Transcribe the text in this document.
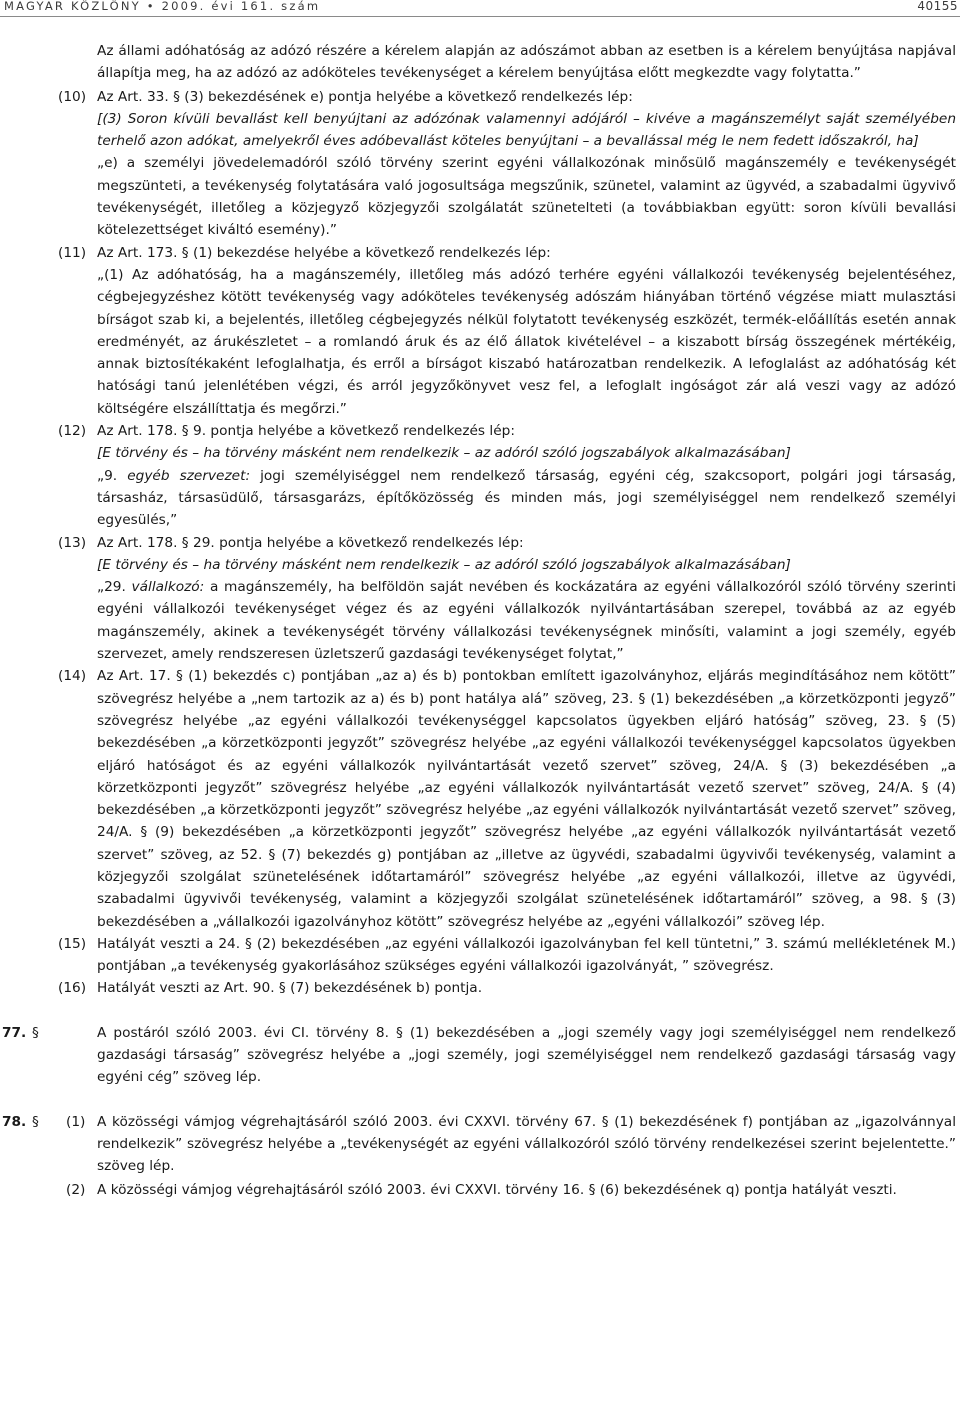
MAGYAR KÖZLÖNY • 2009. évi 161. szám	40155

Az állami adóhatóság az adózó részére a kérelem alapján az adószámot abban az esetben is a kérelem benyújtása napjával állapítja meg, ha az adózó az adóköteles tevékenységet a kérelem benyújtása előtt megkezdte vagy folytatta.”

(10) Az Art. 33. § (3) bekezdésének e) pontja helyébe a következő rendelkezés lép:

[(3) Soron kívüli bevallást kell benyújtani az adózónak valamennyi adójáról – kivéve a magánszemélyt saját személyében terhelő azon adókat, amelyekről éves adóbevallást köteles benyújtani – a bevallással még le nem fedett időszakról, ha]

„e) a személyi jövedelemadóról szóló törvény szerint egyéni vállalkozónak minősülő magánszemély e tevékenységét megszünteti, a tevékenység folytatására való jogosultsága megszűnik, szünetel, valamint az ügyvéd, a szabadalmi ügyvivő tevékenységét, illetőleg a közjegyző közjegyzői szolgálatát szünetelteti (a továbbiakban együtt: soron kívüli bevallási kötelezettséget kiváltó esemény).”

(11) Az Art. 173. § (1) bekezdése helyébe a következő rendelkezés lép:

„(1) Az adóhatóság, ha a magánszemély, illetőleg más adózó terhére egyéni vállalkozói tevékenység bejelentéséhez, cégbejegyzéshez kötött tevékenység vagy adóköteles tevékenység adószám hiányában történő végzése miatt mulasztási bírságot szab ki, a bejelentés, illetőleg cégbejegyzés nélkül folytatott tevékenység eszközét, termék-előállítás esetén annak eredményét, az árukészletet – a romlandó áruk és az élő állatok kivételével – a kiszabott bírság összegének mértékéig, annak biztosítékaként lefoglalhatja, és erről a bírságot kiszabó határozatban rendelkezik. A lefoglalást az adóhatóság két hatósági tanú jelenlétében végzi, és arról jegyzőkönyvet vesz fel, a lefoglalt ingóságot zár alá veszi vagy az adózó költségére elszállíttatja és megőrzi.”

(12) Az Art. 178. § 9. pontja helyébe a következő rendelkezés lép:

[E törvény és – ha törvény másként nem rendelkezik – az adóról szóló jogszabályok alkalmazásában]

„9. egyéb szervezet: jogi személyiséggel nem rendelkező társaság, egyéni cég, szakcsoport, polgári jogi társaság, társasház, társasüdülő, társasgarázs, építőközösség és minden más, jogi személyiséggel nem rendelkező személyi egyesülés,”

(13) Az Art. 178. § 29. pontja helyébe a következő rendelkezés lép:

[E törvény és – ha törvény másként nem rendelkezik – az adóról szóló jogszabályok alkalmazásában]

„29. vállalkozó: a magánszemély, ha belföldön saját nevében és kockázatára az egyéni vállalkozóról szóló törvény szerinti egyéni vállalkozói tevékenységet végez és az egyéni vállalkozók nyilvántartásában szerepel, továbbá az az egyéb magánszemély, akinek a tevékenységét törvény vállalkozási tevékenységnek minősíti, valamint a jogi személy, egyéb szervezet, amely rendszeresen üzletszerű gazdasági tevékenységet folytat,”

(14) Az Art. 17. § (1) bekezdés c) pontjában „az a) és b) pontokban említett igazolványhoz, eljárás megindításához nem kötött” szövegrész helyébe a „nem tartozik az a) és b) pont hatálya alá” szöveg, 23. § (1) bekezdésében „a körzetközponti jegyző” szövegrész helyébe „az egyéni vállalkozói tevékenységgel kapcsolatos ügyekben eljáró hatóság” szöveg, 23. § (5) bekezdésében „a körzetközponti jegyzőt” szövegrész helyébe „az egyéni vállalkozói tevékenységgel kapcsolatos ügyekben eljáró hatóságot és az egyéni vállalkozók nyilvántartását vezető szervet” szöveg, 24/A. § (3) bekezdésében „a körzetközponti jegyzőt” szövegrész helyébe „az egyéni vállalkozók nyilvántartását vezető szervet” szöveg, 24/A. § (4) bekezdésében „a körzetközponti jegyzőt” szövegrész helyébe „az egyéni vállalkozók nyilvántartását vezető szervet” szöveg, 24/A. § (9) bekezdésében „a körzetközponti jegyzőt” szövegrész helyébe „az egyéni vállalkozók nyilvántartását vezető szervet” szöveg, az 52. § (7) bekezdés g) pontjában az „illetve az ügyvédi, szabadalmi ügyvivői tevékenység, valamint a közjegyzői szolgálat szünetelésének időtartamáról” szövegrész helyébe „az egyéni vállalkozói, illetve az ügyvédi, szabadalmi ügyvivői tevékenység, valamint a közjegyzői szolgálat szünetelésének időtartamáról” szöveg, a 98. § (3) bekezdésében a „vállalkozói igazolványhoz kötött” szövegrész helyébe az „egyéni vállalkozói” szöveg lép.

(15) Hatályát veszti a 24. § (2) bekezdésében „az egyéni vállalkozói igazolványban fel kell tüntetni,” 3. számú mellékletének M.) pontjában „a tevékenység gyakorlásához szükséges egyéni vállalkozói igazolványát, ” szövegrész.

(16) Hatályát veszti az Art. 90. § (7) bekezdésének b) pontja.

77. §	A postáról szóló 2003. évi CI. törvény 8. § (1) bekezdésében a „jogi személy vagy jogi személyiséggel nem rendelkező gazdasági társaság” szövegrész helyébe a „jogi személy, jogi személyiséggel nem rendelkező gazdasági társaság vagy egyéni cég” szöveg lép.

78. § (1) A közösségi vámjog végrehajtásáról szóló 2003. évi CXXVI. törvény 67. § (1) bekezdésének f) pontjában az „igazolvánnyal rendelkezik” szövegrész helyébe a „tevékenységét az egyéni vállalkozóról szóló törvény rendelkezései szerint bejelentette.” szöveg lép.

(2) A közösségi vámjog végrehajtásáról szóló 2003. évi CXXVI. törvény 16. § (6) bekezdésének q) pontja hatályát veszti.
